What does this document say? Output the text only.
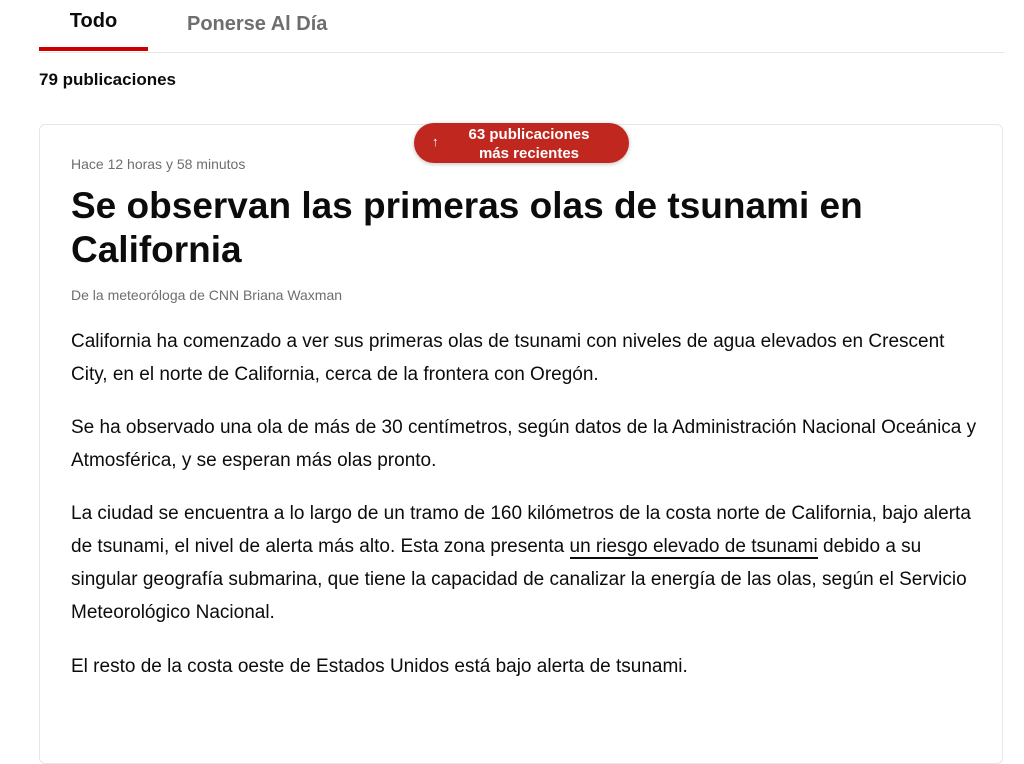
Todo	Ponerse Al Día
79 publicaciones
↑	63 publicaciones
más recientes
Hace 12 horas y 58 minutos
Se observan las primeras olas de tsunami en California
De la meteoróloga de CNN Briana Waxman

California ha comenzado a ver sus primeras olas de tsunami con niveles de agua elevados en Crescent City, en el norte de California, cerca de la frontera con Oregón.

Se ha observado una ola de más de 30 centímetros, según datos de la Administración Nacional Oceánica y Atmosférica, y se esperan más olas pronto.

La ciudad se encuentra a lo largo de un tramo de 160 kilómetros de la costa norte de California, bajo alerta de tsunami, el nivel de alerta más alto. Esta zona presenta un riesgo elevado de tsunami debido a su singular geografía submarina, que tiene la capacidad de canalizar la energía de las olas, según el Servicio Meteorológico Nacional.

El resto de la costa oeste de Estados Unidos está bajo alerta de tsunami.
